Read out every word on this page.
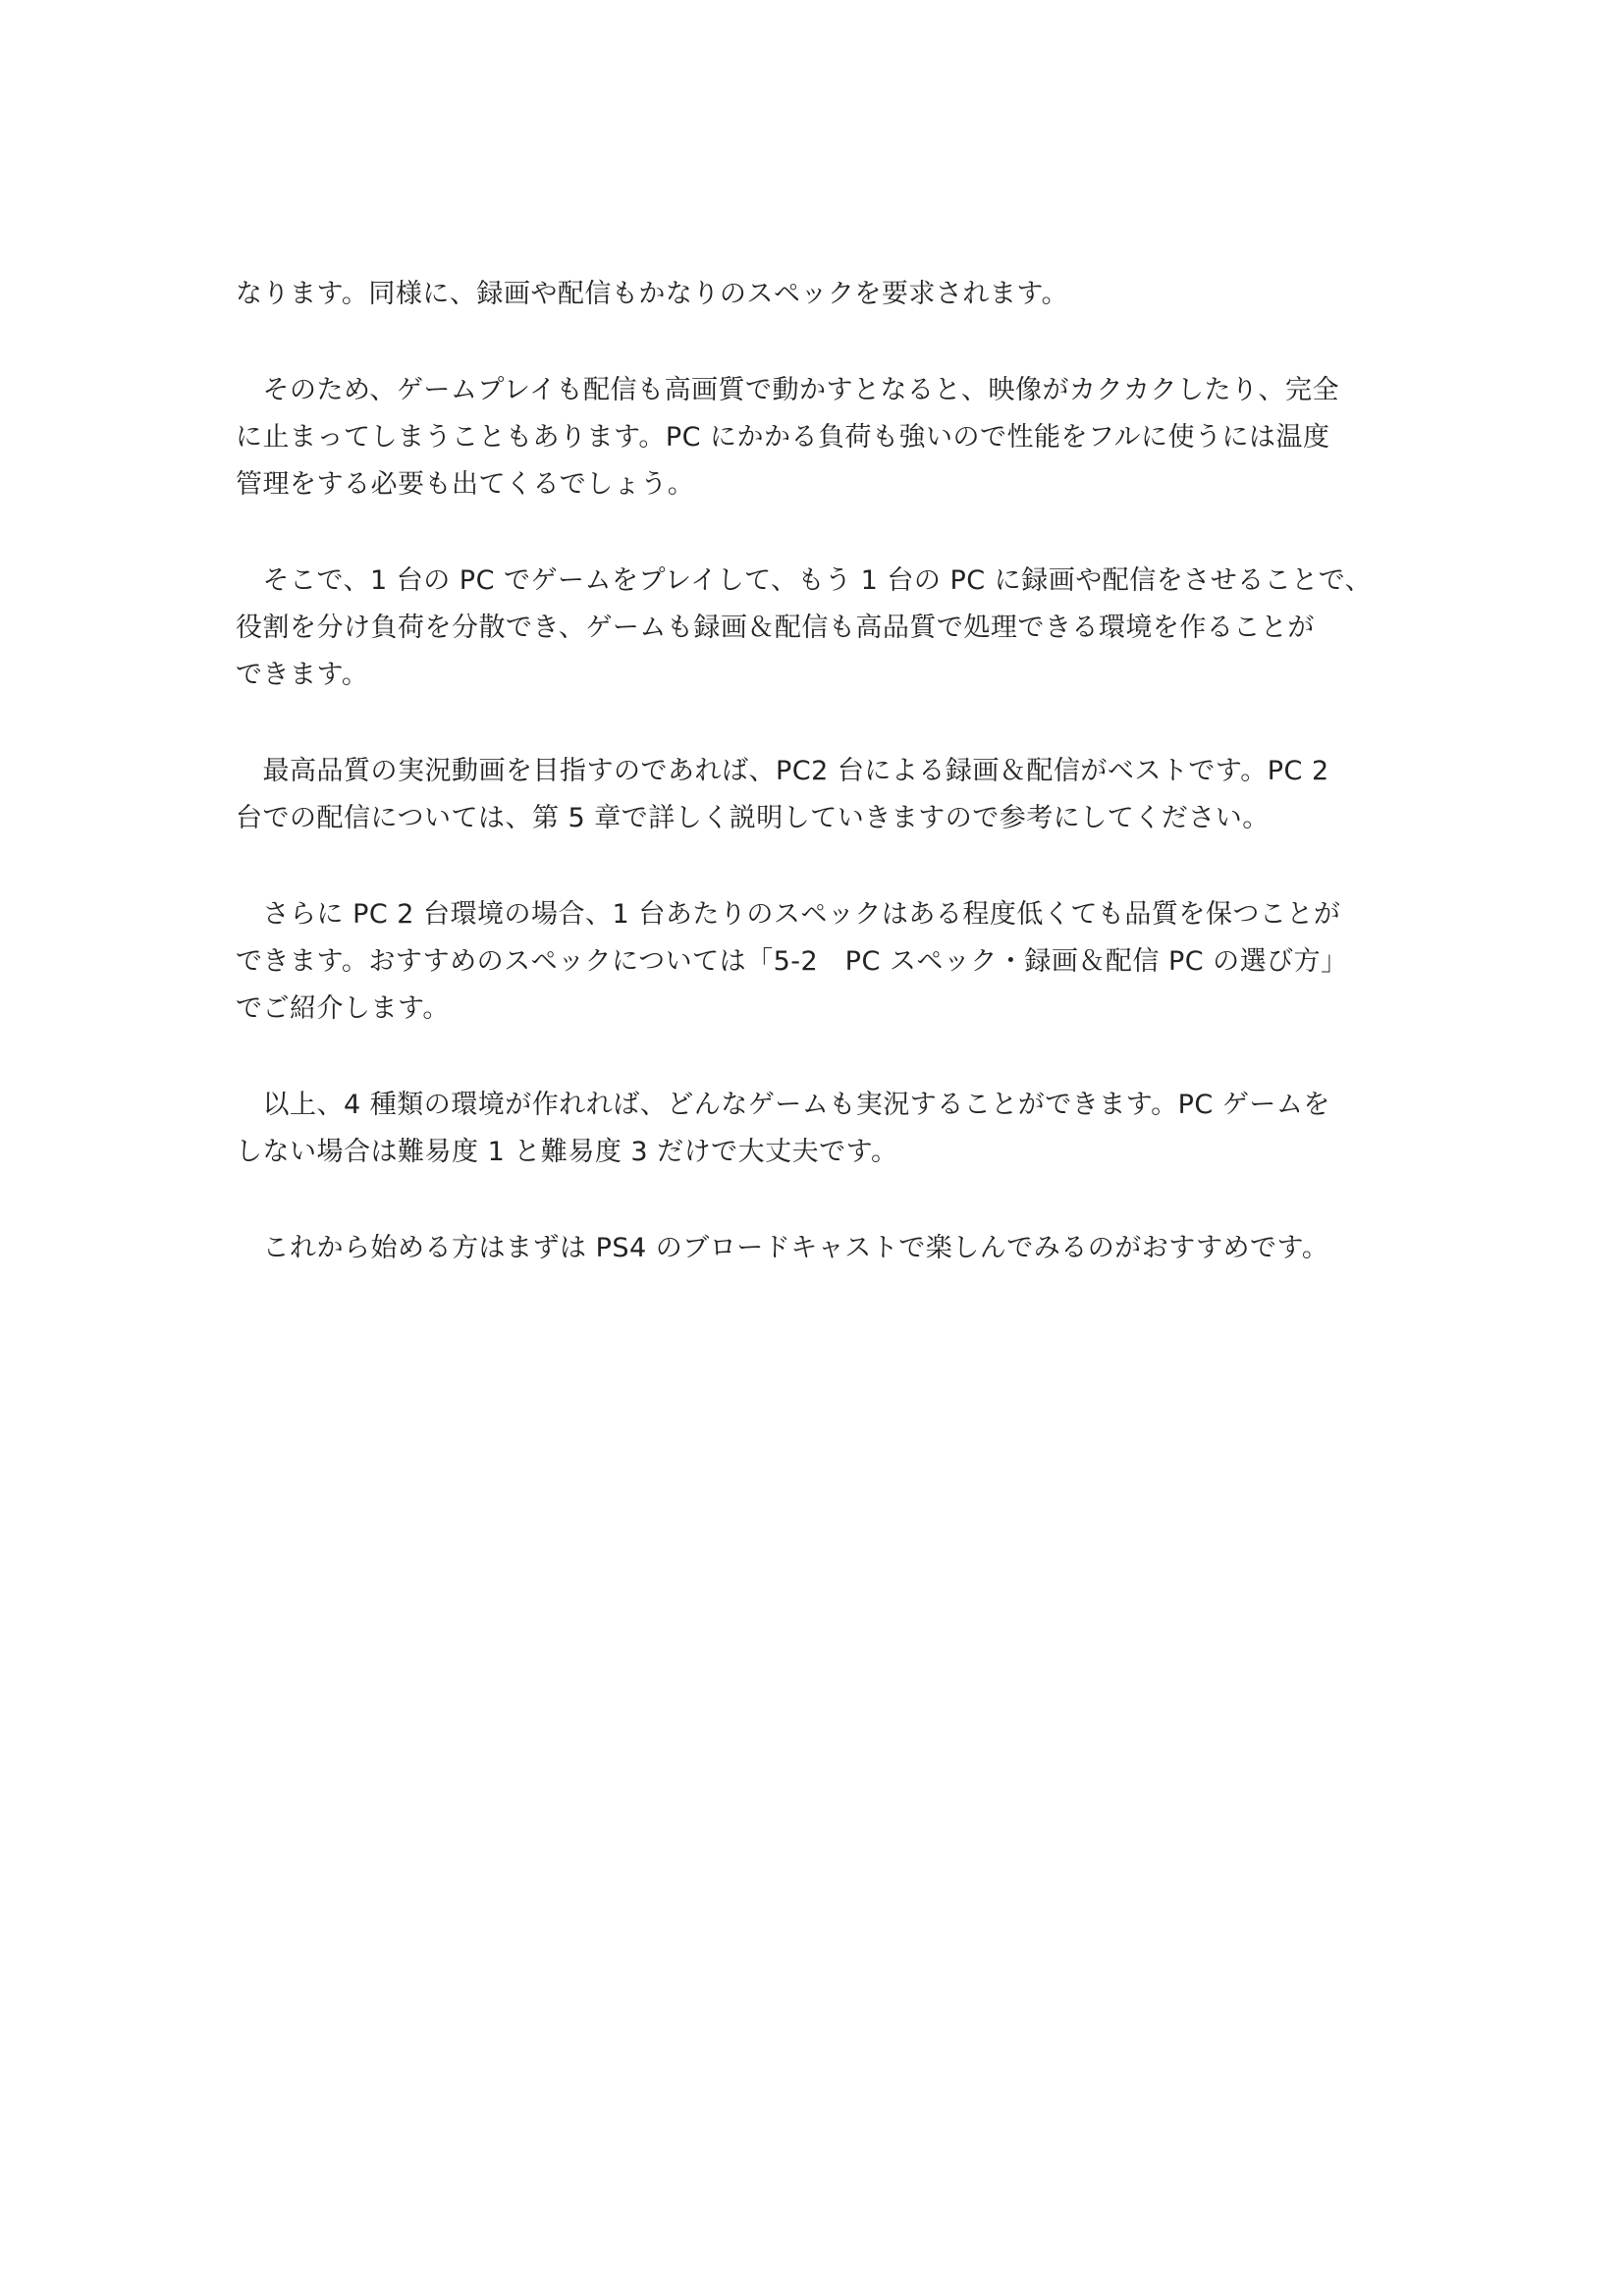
なります。同様に、録画や配信もかなりのスペックを要求されます。
　そのため、ゲームプレイも配信も高画質で動かすとなると、映像がカクカクしたり、完全
に止まってしまうこともあります。PC にかかる負荷も強いので性能をフルに使うには温度
管理をする必要も出てくるでしょう。
　そこで、1 台の PC でゲームをプレイして、もう 1 台の PC に録画や配信をさせることで、
役割を分け負荷を分散でき、ゲームも録画＆配信も高品質で処理できる環境を作ることが
できます。
　最高品質の実況動画を目指すのであれば、PC2 台による録画＆配信がベストです。PC 2
台での配信については、第 5 章で詳しく説明していきますので参考にしてください。
　さらに PC 2 台環境の場合、1 台あたりのスペックはある程度低くても品質を保つことが
できます。おすすめのスペックについては「5-2　PC スペック・録画＆配信 PC の選び方」
でご紹介します。
　以上、4 種類の環境が作れれば、どんなゲームも実況することができます。PC ゲームを
しない場合は難易度 1 と難易度 3 だけで大丈夫です。
　これから始める方はまずは PS4 のブロードキャストで楽しんでみるのがおすすめです。
